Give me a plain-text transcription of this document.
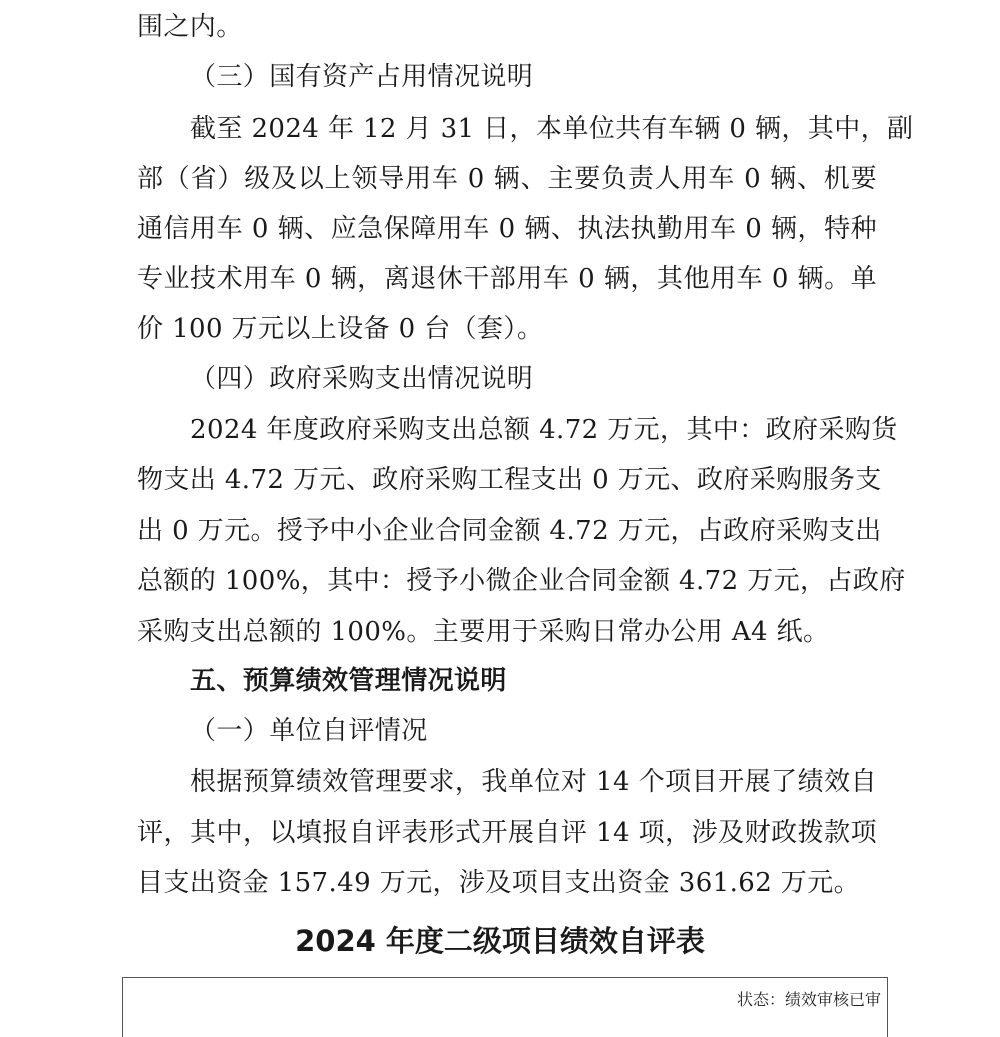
围之内。
（三）国有资产占用情况说明
截至 2024 年 12 月 31 日，本单位共有车辆 0 辆，其中，副
部（省）级及以上领导用车 0 辆、主要负责人用车 0 辆、机要
通信用车 0 辆、应急保障用车 0 辆、执法执勤用车 0 辆，特种
专业技术用车 0 辆，离退休干部用车 0 辆，其他用车 0 辆。单
价 100 万元以上设备 0 台（套）。
（四）政府采购支出情况说明
2024 年度政府采购支出总额 4.72 万元，其中：政府采购货
物支出 4.72 万元、政府采购工程支出 0 万元、政府采购服务支
出 0 万元。授予中小企业合同金额 4.72 万元，占政府采购支出
总额的 100%，其中：授予小微企业合同金额 4.72 万元，占政府
采购支出总额的 100%。主要用于采购日常办公用 A4 纸。
五、预算绩效管理情况说明
（一）单位自评情况
根据预算绩效管理要求，我单位对 14 个项目开展了绩效自
评，其中，以填报自评表形式开展自评 14 项，涉及财政拨款项
目支出资金 157.49 万元，涉及项目支出资金 361.62 万元。
2024 年度二级项目绩效自评表
状态：绩效审核已审
